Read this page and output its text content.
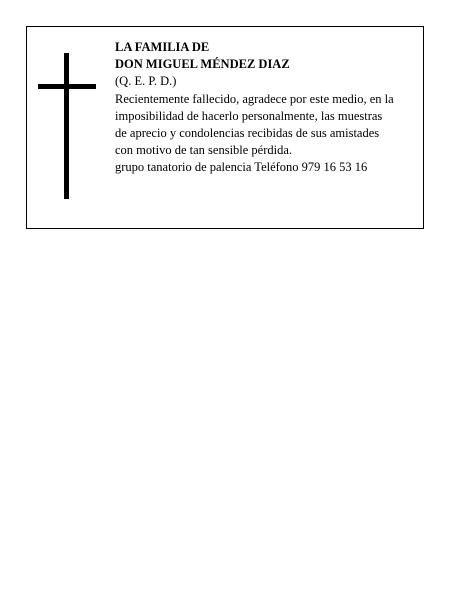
LA FAMILIA DE
DON MIGUEL MÉNDEZ DIAZ
(Q. E. P. D.)
Recientemente fallecido, agradece por este medio, en la
imposibilidad de hacerlo personalmente, las muestras
de aprecio y condolencias recibidas de sus amistades
con motivo de tan sensible pérdida.
grupo tanatorio de palencia Teléfono 979 16 53 16
